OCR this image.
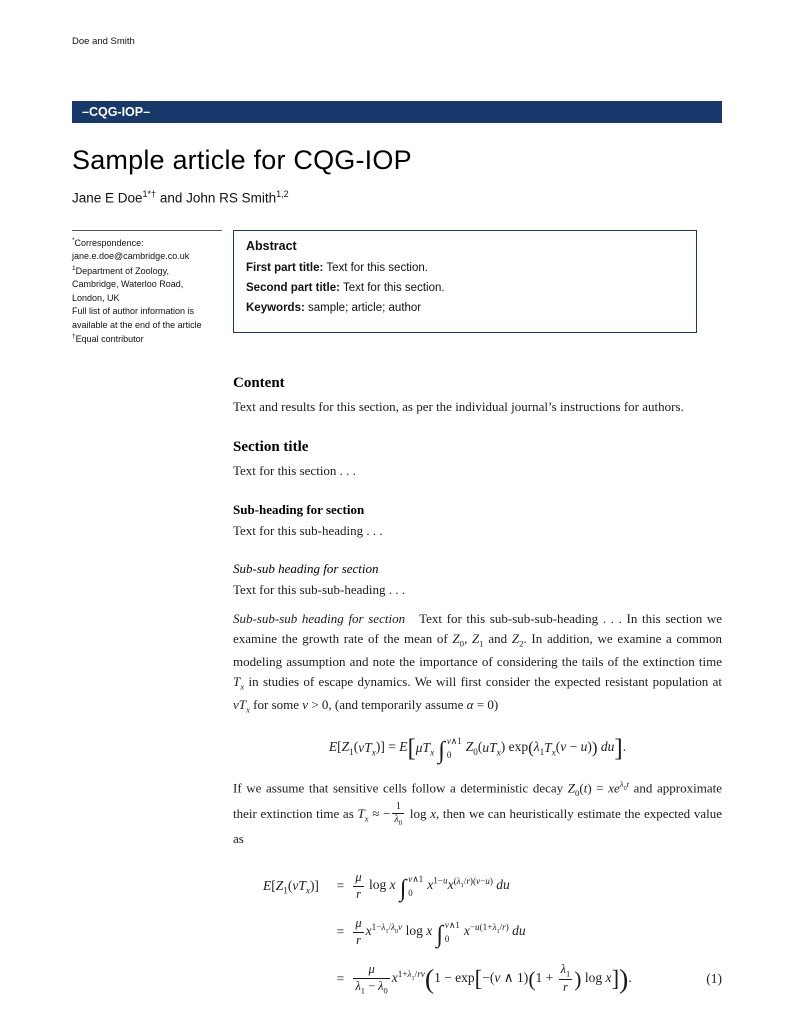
Doe and Smith
–CQG-IOP–
Sample article for CQG-IOP
Jane E Doe$^{1*\dagger}$ and John RS Smith$^{1,2}$
*Correspondence:
jane.e.doe@cambridge.co.uk
$^1$Department of Zoology,
Cambridge, Waterloo Road,
London, UK
Full list of author information is
available at the end of the article
†Equal contributor
Abstract
First part title: Text for this section.
Second part title: Text for this section.
Keywords: sample; article; author
Content

Text and results for this section, as per the individual journal’s instructions for authors.

Section title

Text for this section . . .

Sub-heading for section

Text for this sub-heading . . .

Sub-sub heading for section

Text for this sub-sub-heading . . .

Sub-sub-sub heading for section Text for this sub-sub-sub-heading . . . In this section we examine the growth rate of the mean of $Z_0$, $Z_1$ and $Z_2$. In addition, we examine a common modeling assumption and note the importance of considering the tails of the extinction time $T_x$ in studies of escape dynamics. We will first consider the expected resistant population at $vT_x$ for some v > 0, (and temporarily assume α = 0)

$E[Z_1(vT_x)] = E[\mu T_x$ ∫ v∧1
0
$Z_0(uT_x) \exp(\lambda_1T_x(v - u))$ du].

If we assume that sensitive cells follow a deterministic decay $Z_0(t) = xe^{\lambda_0t}$ and approximate their extinction time as $T_x$ ≈ − $\frac{1}{\lambda_0}$ log x, then we can heuristically estimate the expected value as

$E[Z_1(vT_x)]$	=	$\frac{\mu}{r}$ log x ∫ v∧1
0
$x^{1-u}x^{(\lambda_1/r)(v-u)}$ du	
	=	$\frac{\mu}{r} x^{1-\lambda_1/\lambda_0v}$ log x ∫ v∧1
0
$x^{-u(1+\lambda_1/r)}$ du	
	=	$\frac{\mu}{\lambda_1 - \lambda_0} x^{1+\lambda_1/rv}(1 - \exp[-(v$ ∧ $1)(1 + \frac{\lambda_1}{r}$ ) log x]).	(1)
